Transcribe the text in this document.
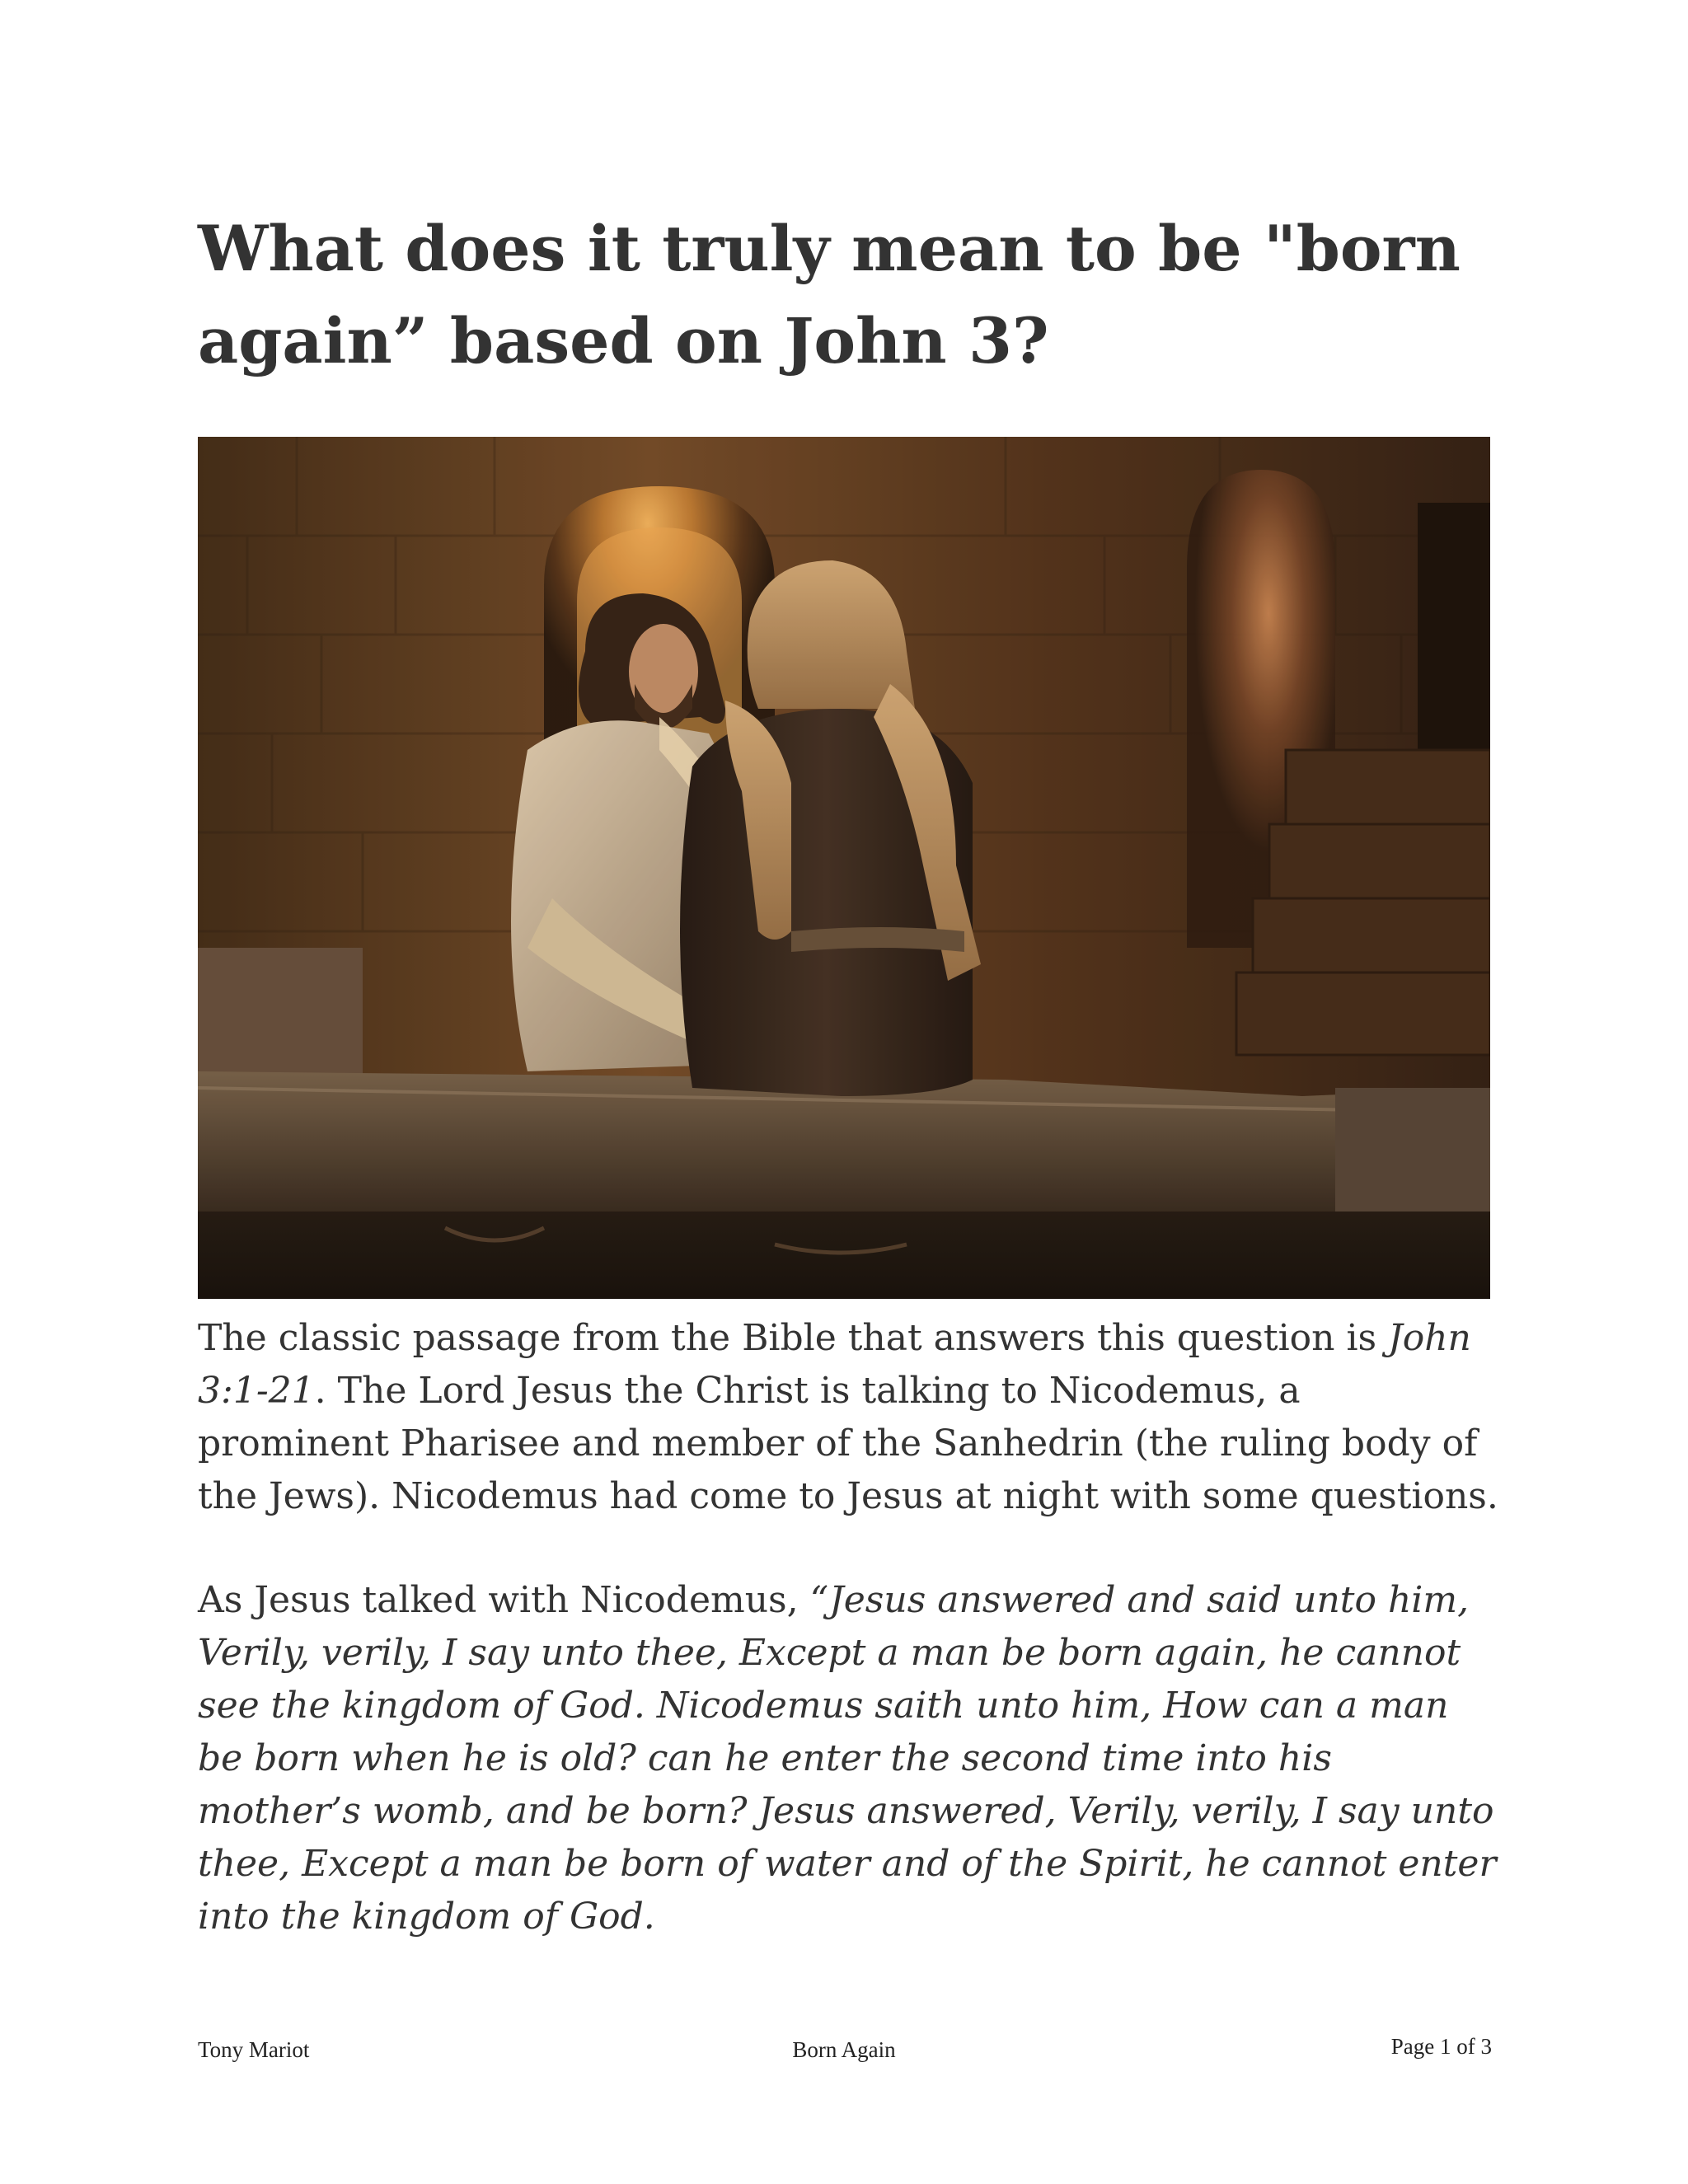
What does it truly mean to be "born again” based on John 3?

The classic passage from the Bible that answers this question is John 3:1-21. The Lord Jesus the Christ is talking to Nicodemus, a prominent Pharisee and member of the Sanhedrin (the ruling body of the Jews). Nicodemus had come to Jesus at night with some questions.

As Jesus talked with Nicodemus, “Jesus answered and said unto him, Verily, verily, I say unto thee, Except a man be born again, he cannot see the kingdom of God. Nicodemus saith unto him, How can a man be born when he is old? can he enter the second time into his mother’s womb, and be born? Jesus answered, Verily, verily, I say unto thee, Except a man be born of water and of the Spirit, he cannot enter into the kingdom of God.

Tony Mariot	Born Again	Page 1 of 3
